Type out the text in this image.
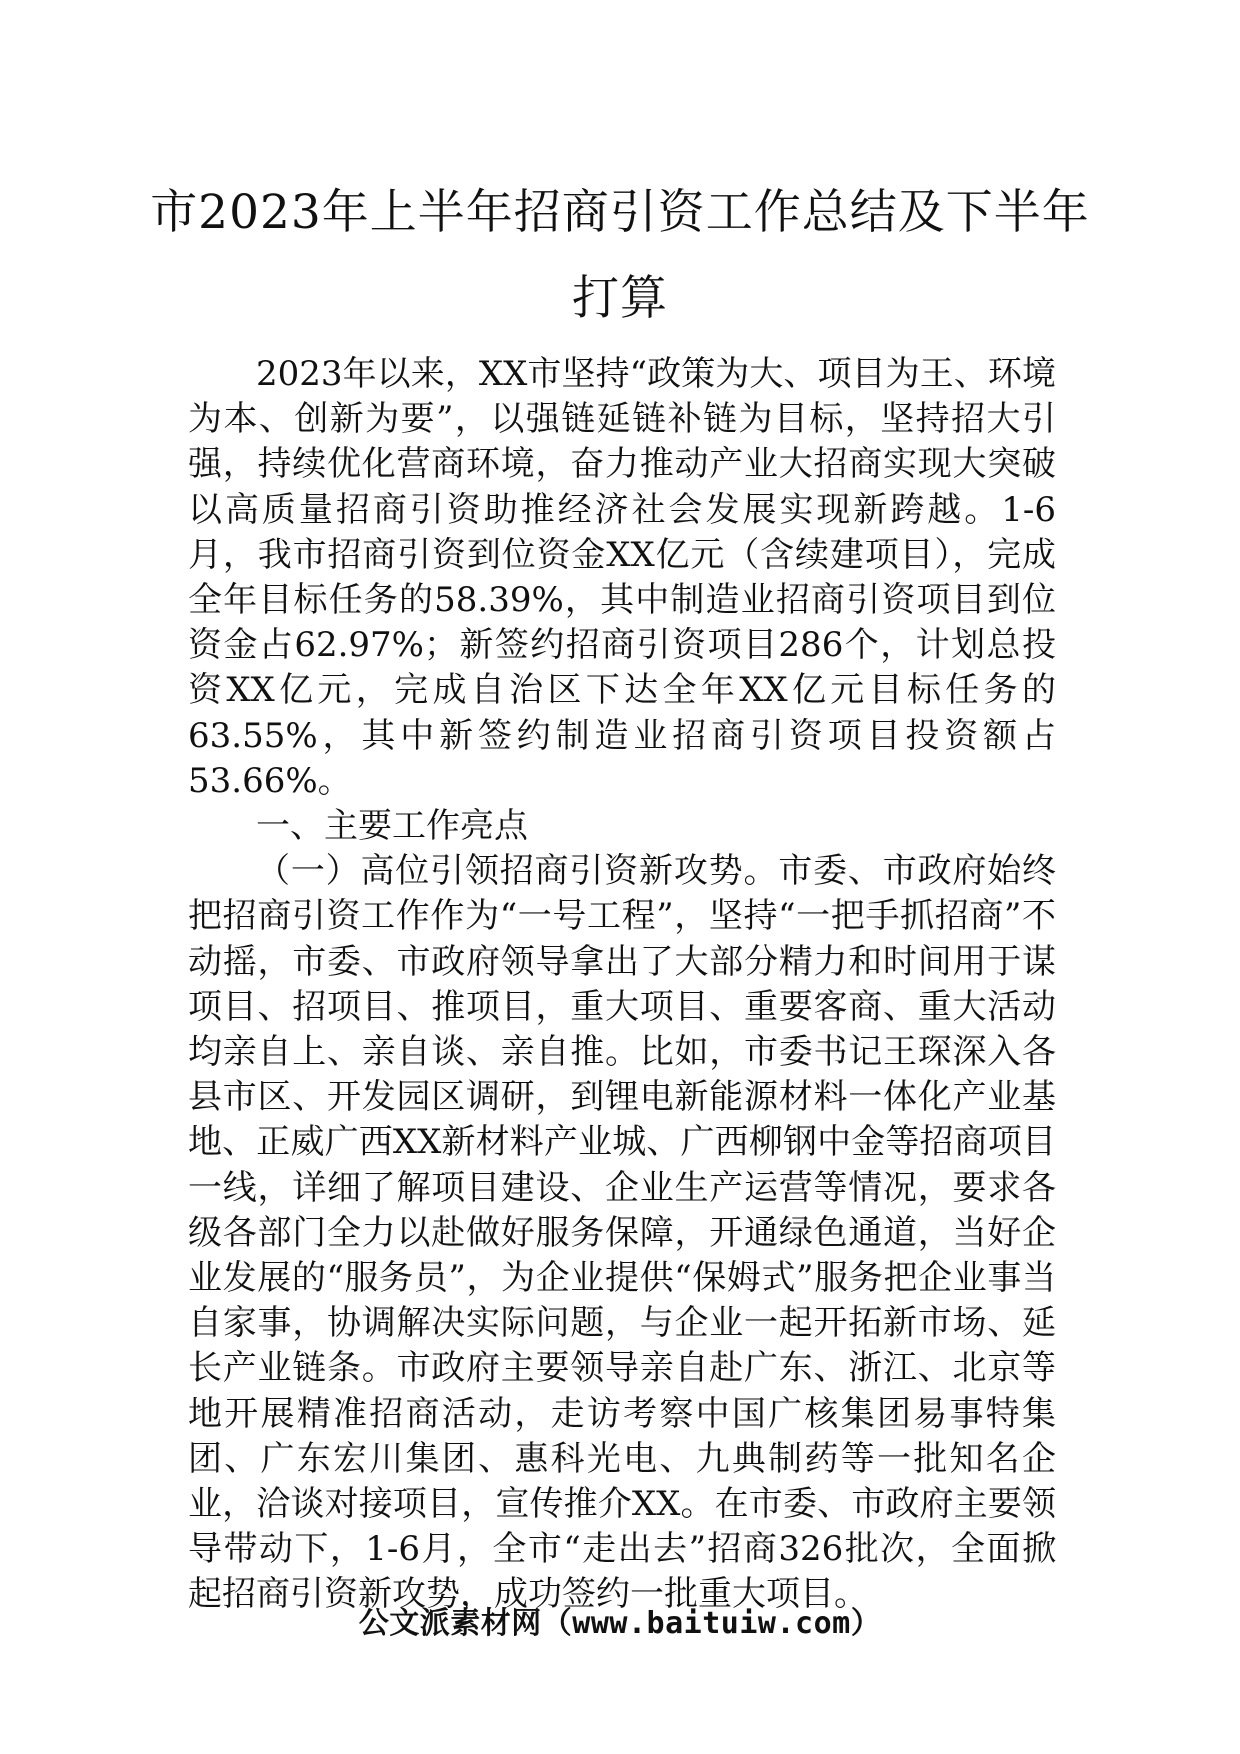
市2023年上半年招商引资工作总结及下半年打算

2023年以来，XX市坚持“政策为大、项目为王、环境为本、创新为要”，以强链延链补链为目标，坚持招大引强，持续优化营商环境，奋力推动产业大招商实现大突破以高质量招商引资助推经济社会发展实现新跨越。1-6月，我市招商引资到位资金XX亿元（含续建项目），完成全年目标任务的58.39%，其中制造业招商引资项目到位资金占62.97%；新签约招商引资项目286个，计划总投资XX亿元，完成自治区下达全年XX亿元目标任务的63.55%，其中新签约制造业招商引资项目投资额占53.66%。

一、主要工作亮点

（一）高位引领招商引资新攻势。市委、市政府始终把招商引资工作作为“一号工程”，坚持“一把手抓招商”不动摇，市委、市政府领导拿出了大部分精力和时间用于谋项目、招项目、推项目，重大项目、重要客商、重大活动均亲自上、亲自谈、亲自推。比如，市委书记王琛深入各县市区、开发园区调研，到锂电新能源材料一体化产业基地、正威广西XX新材料产业城、广西柳钢中金等招商项目一线，详细了解项目建设、企业生产运营等情况，要求各级各部门全力以赴做好服务保障，开通绿色通道，当好企业发展的“服务员”，为企业提供“保姆式”服务把企业事当自家事，协调解决实际问题，与企业一起开拓新市场、延长产业链条。市政府主要领导亲自赴广东、浙江、北京等地开展精准招商活动，走访考察中国广核集团易事特集团、广东宏川集团、惠科光电、九典制药等一批知名企业，洽谈对接项目，宣传推介XX。在市委、市政府主要领导带动下，1-6月，全市“走出去”招商326批次，全面掀起招商引资新攻势，成功签约一批重大项目。

公文派素材网（www.baituiw.com）
